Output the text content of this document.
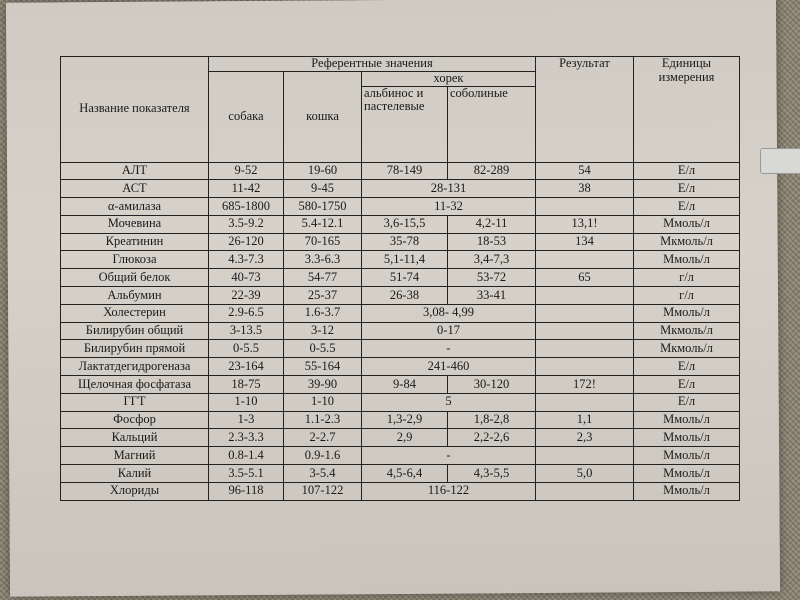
Название показателя	Референтные значения				Результат	Единицы измерения
	собака	кошка	хорек			
			альбинос и пастелевые	соболиные		
АЛТ	9-52	19-60	78-149	82-289	54	Е/л
АСТ	11-42	9-45	28-131		38	Е/л
α-амилаза	685-1800	580-1750	11-32			Е/л
Мочевина	3.5-9.2	5.4-12.1	3,6-15,5	4,2-11	13,1!	Ммоль/л
Креатинин	26-120	70-165	35-78	18-53	134	Мкмоль/л
Глюкоза	4.3-7.3	3.3-6.3	5,1-11,4	3,4-7,3		Ммоль/л
Общий белок	40-73	54-77	51-74	53-72	65	г/л
Альбумин	22-39	25-37	26-38	33-41		г/л
Холестерин	2.9-6.5	1.6-3.7	3,08- 4,99			Ммоль/л
Билирубин общий	3-13.5	3-12	0-17			Мкмоль/л
Билирубин прямой	0-5.5	0-5.5	-			Мкмоль/л
Лактатдегидрогеназа	23-164	55-164	241-460			Е/л
Щелочная фосфатаза	18-75	39-90	9-84	30-120	172!	Е/л
ГГТ	1-10	1-10	5			Е/л
Фосфор	1-3	1.1-2.3	1,3-2,9	1,8-2,8	1,1	Ммоль/л
Кальций	2.3-3.3	2-2.7	2,9	2,2-2,6	2,3	Ммоль/л
Магний	0.8-1.4	0.9-1.6	-			Ммоль/л
Калий	3.5-5.1	3-5.4	4,5-6,4	4,3-5,5	5,0	Ммоль/л
Хлориды	96-118	107-122	116-122			Ммоль/л
